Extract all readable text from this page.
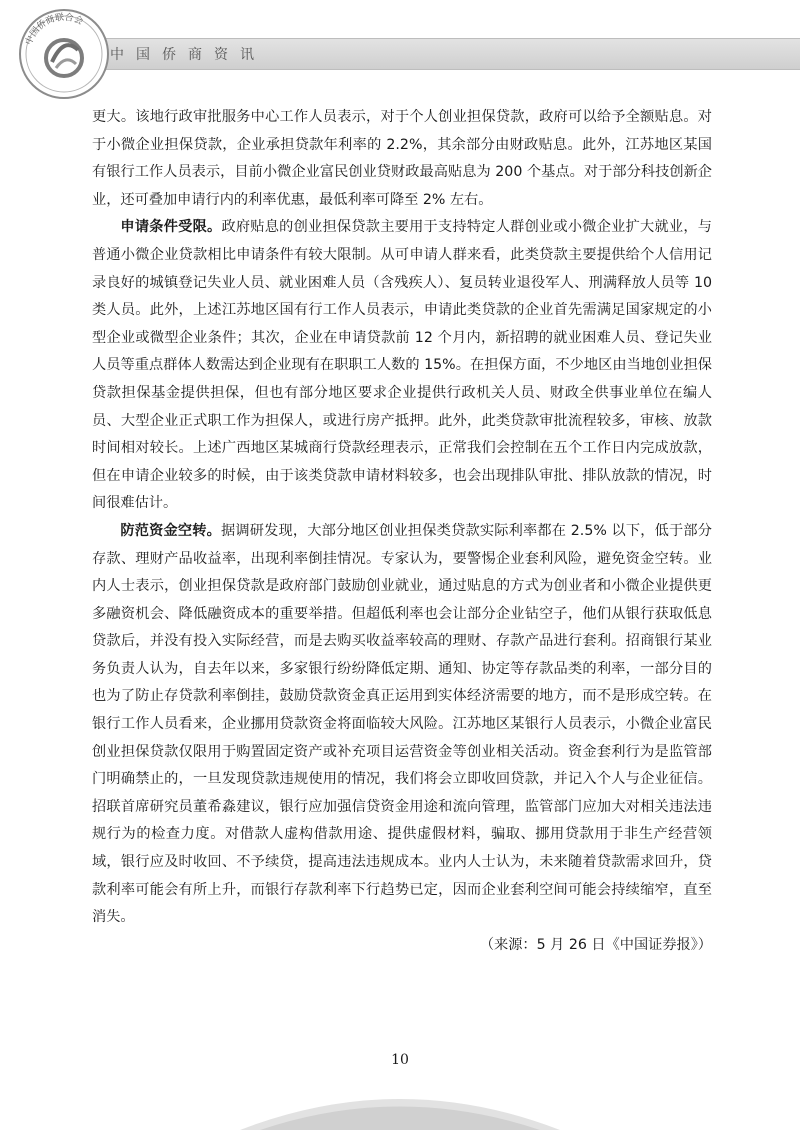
中国侨商联合会
中国侨商资讯

更大。该地行政审批服务中心工作人员表示，对于个人创业担保贷款，政府可以给予全额贴息。对于小微企业担保贷款，企业承担贷款年利率的 2.2%，其余部分由财政贴息。此外，江苏地区某国有银行工作人员表示，目前小微企业富民创业贷财政最高贴息为 200 个基点。对于部分科技创新企业，还可叠加申请行内的利率优惠，最低利率可降至 2% 左右。

申请条件受限。政府贴息的创业担保贷款主要用于支持特定人群创业或小微企业扩大就业，与普通小微企业贷款相比申请条件有较大限制。从可申请人群来看，此类贷款主要提供给个人信用记录良好的城镇登记失业人员、就业困难人员（含残疾人）、复员转业退役军人、刑满释放人员等 10 类人员。此外，上述江苏地区国有行工作人员表示，申请此类贷款的企业首先需满足国家规定的小型企业或微型企业条件；其次，企业在申请贷款前 12 个月内，新招聘的就业困难人员、登记失业人员等重点群体人数需达到企业现有在职职工人数的 15%。在担保方面，不少地区由当地创业担保贷款担保基金提供担保，但也有部分地区要求企业提供行政机关人员、财政全供事业单位在编人员、大型企业正式职工作为担保人，或进行房产抵押。此外，此类贷款审批流程较多，审核、放款时间相对较长。上述广西地区某城商行贷款经理表示，正常我们会控制在五个工作日内完成放款，但在申请企业较多的时候，由于该类贷款申请材料较多，也会出现排队审批、排队放款的情况，时间很难估计。

防范资金空转。据调研发现，大部分地区创业担保类贷款实际利率都在 2.5% 以下，低于部分存款、理财产品收益率，出现利率倒挂情况。专家认为，要警惕企业套利风险，避免资金空转。业内人士表示，创业担保贷款是政府部门鼓励创业就业，通过贴息的方式为创业者和小微企业提供更多融资机会、降低融资成本的重要举措。但超低利率也会让部分企业钻空子，他们从银行获取低息贷款后，并没有投入实际经营，而是去购买收益率较高的理财、存款产品进行套利。招商银行某业务负责人认为，自去年以来，多家银行纷纷降低定期、通知、协定等存款品类的利率，一部分目的也为了防止存贷款利率倒挂，鼓励贷款资金真正运用到实体经济需要的地方，而不是形成空转。在银行工作人员看来，企业挪用贷款资金将面临较大风险。江苏地区某银行人员表示，小微企业富民创业担保贷款仅限用于购置固定资产或补充项目运营资金等创业相关活动。资金套利行为是监管部门明确禁止的，一旦发现贷款违规使用的情况，我们将会立即收回贷款，并记入个人与企业征信。招联首席研究员董希淼建议，银行应加强信贷资金用途和流向管理，监管部门应加大对相关违法违规行为的检查力度。对借款人虚构借款用途、提供虚假材料，骗取、挪用贷款用于非生产经营领域，银行应及时收回、不予续贷，提高违法违规成本。业内人士认为，未来随着贷款需求回升，贷款利率可能会有所上升，而银行存款利率下行趋势已定，因而企业套利空间可能会持续缩窄，直至消失。

（来源：5 月 26 日《中国证券报》）

10
